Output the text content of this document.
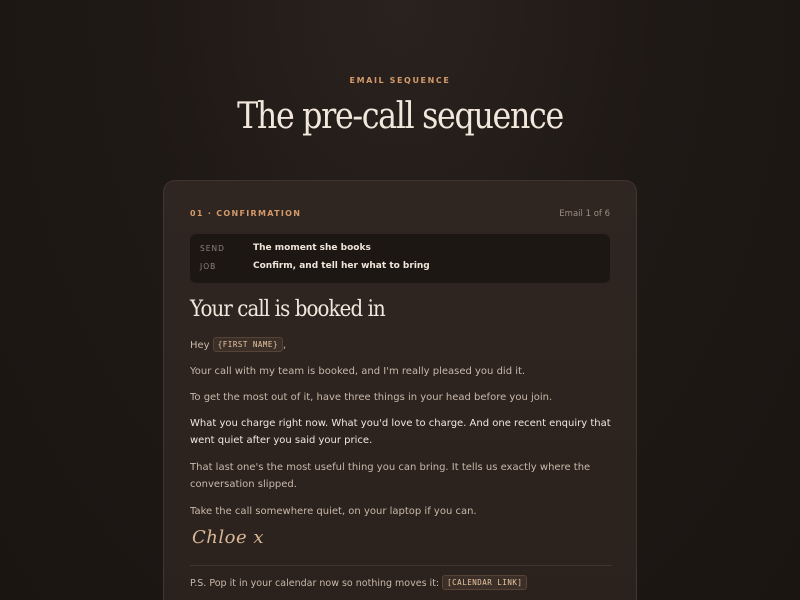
EMAIL SEQUENCE
The pre-call sequence
01 · CONFIRMATION	Email 1 of 6
SEND	The moment she books
JOB	Confirm, and tell her what to bring
Your call is booked in
Hey {FIRST NAME} ,
Your call with my team is booked, and I'm really pleased you did it.
To get the most out of it, have three things in your head before you join.
What you charge right now. What you'd love to charge. And one recent enquiry that went quiet after you said your price.
That last one's the most useful thing you can bring. It tells us exactly where the conversation slipped.
Take the call somewhere quiet, on your laptop if you can.
Chloe x
P.S. Pop it in your calendar now so nothing moves it: [CALENDAR LINK]
